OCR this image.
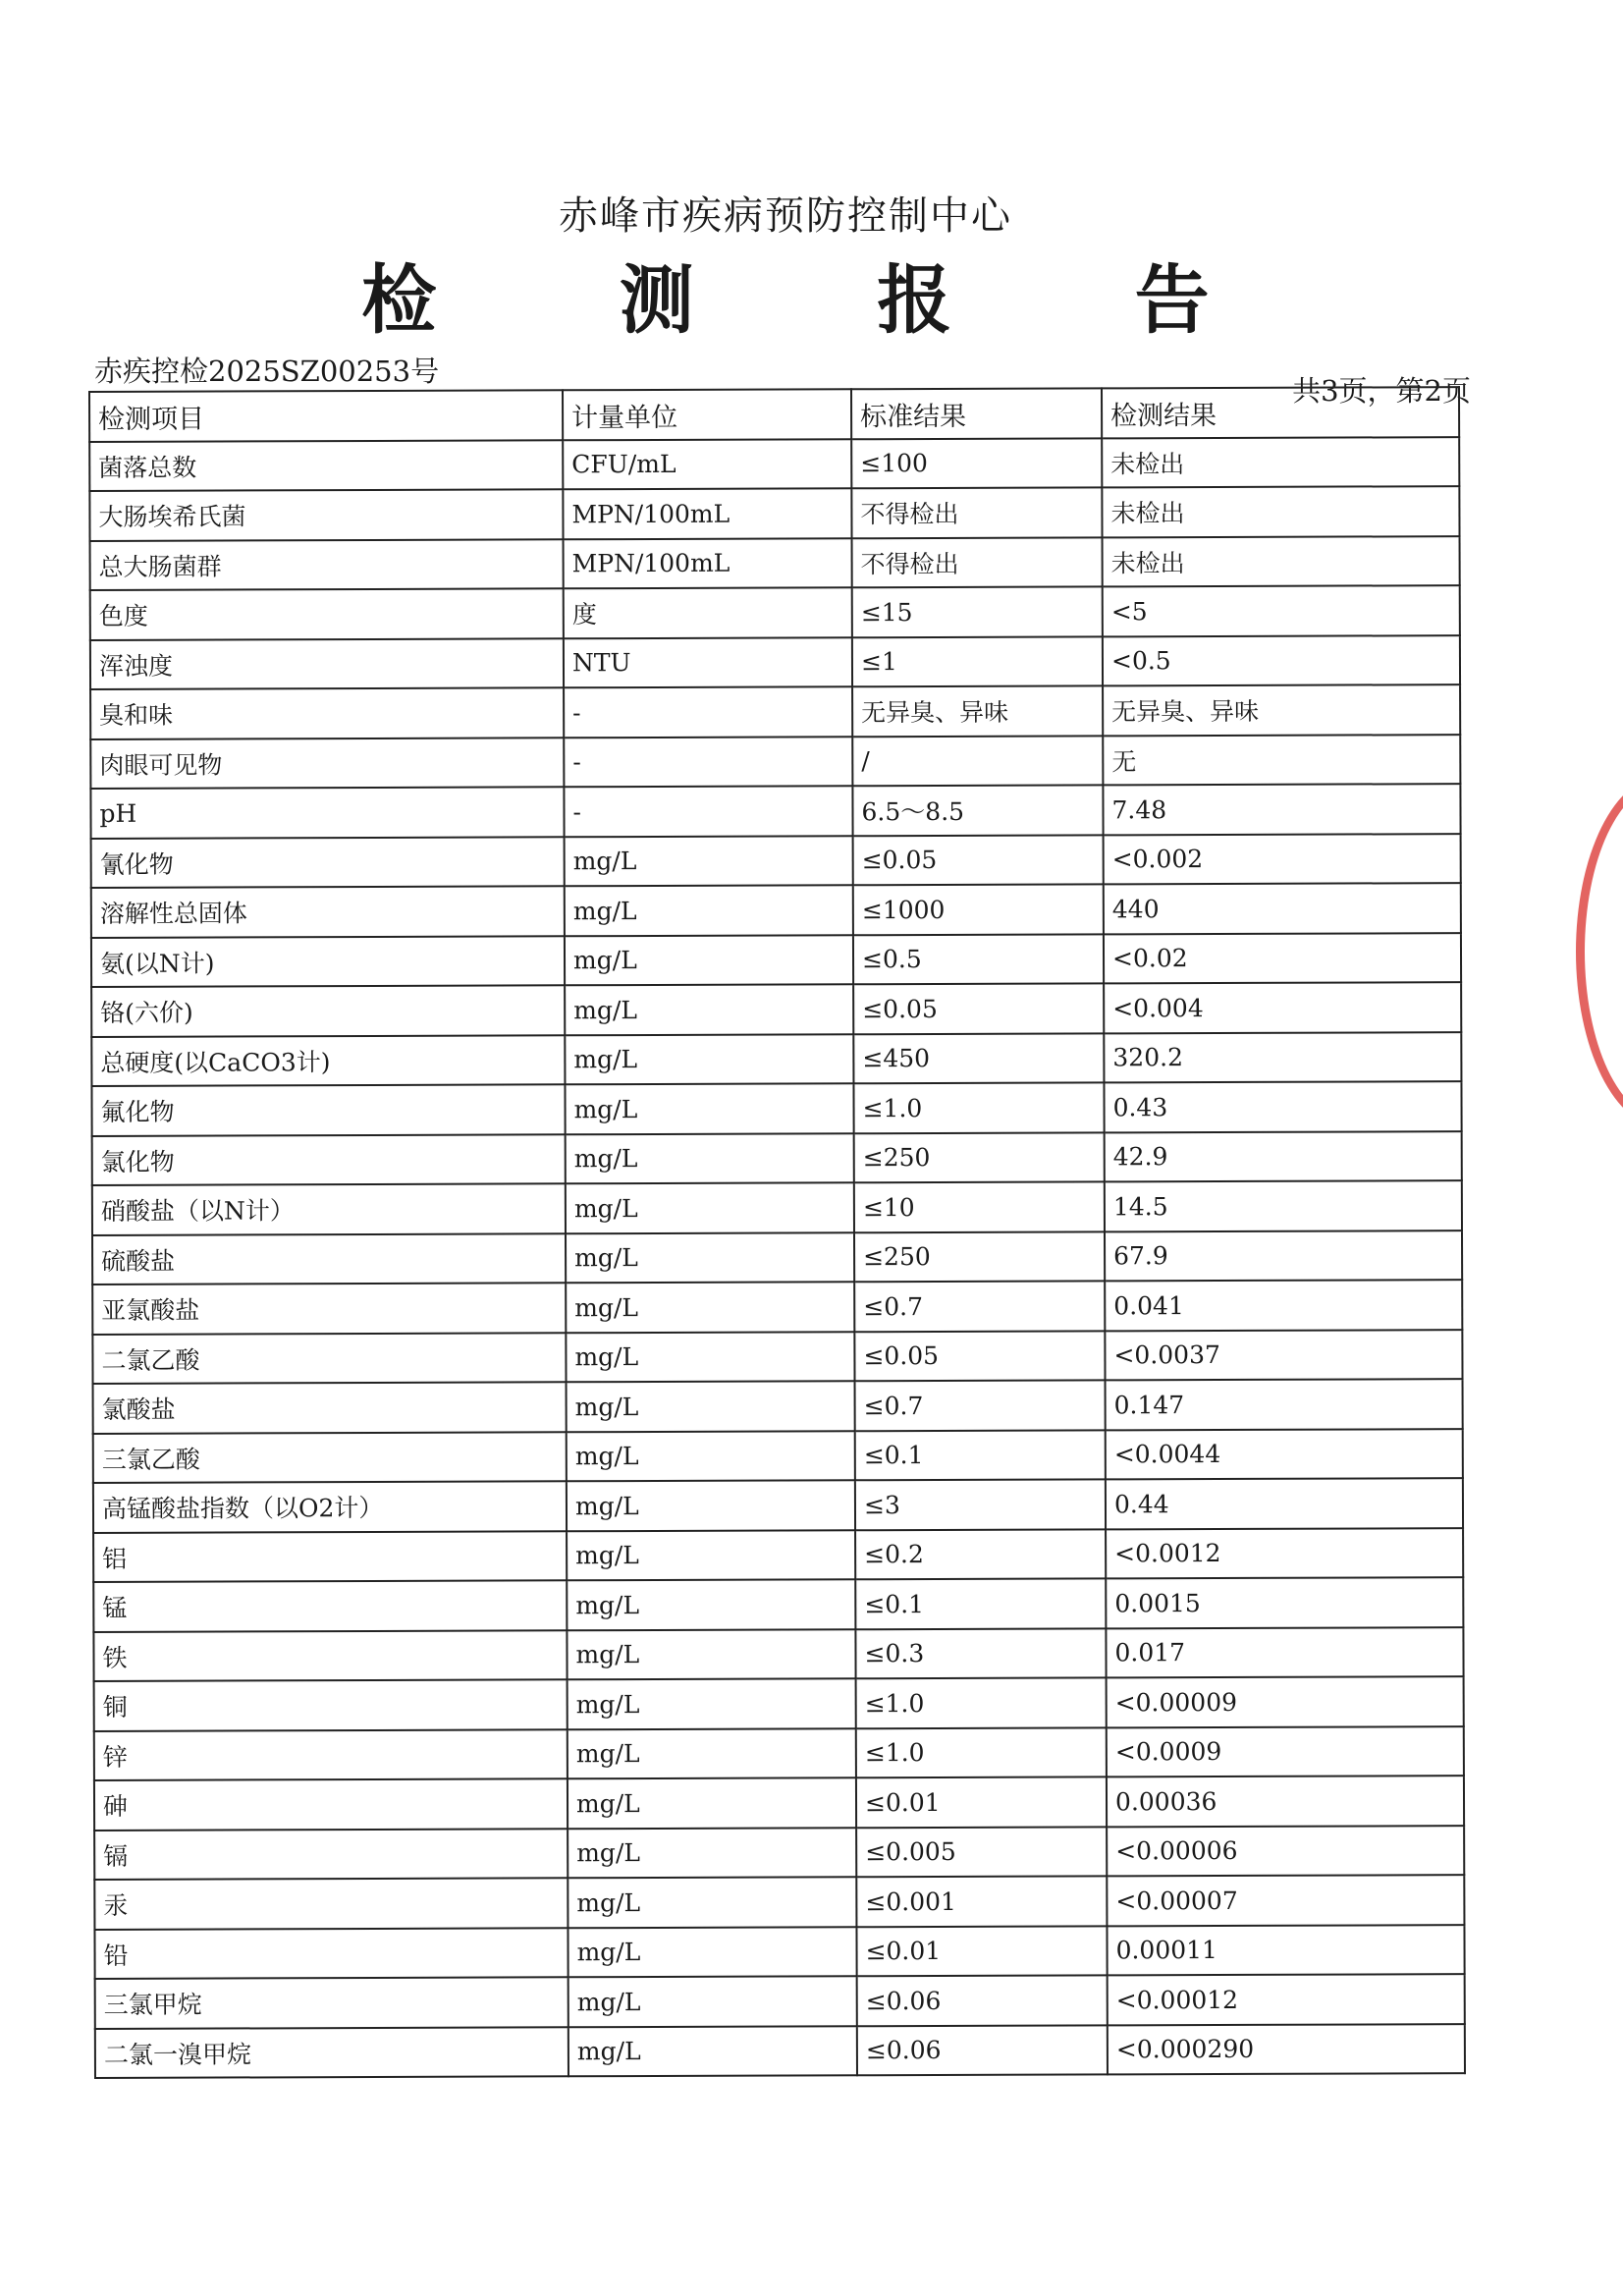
赤峰市疾病预防控制中心
检 测 报 告
赤疾控检2025SZ00253号
共3页，第2页
检测项目	计量单位	标准结果	检测结果
菌落总数	CFU/mL	≤100	未检出
大肠埃希氏菌	MPN/100mL	不得检出	未检出
总大肠菌群	MPN/100mL	不得检出	未检出
色度	度	≤15	<5
浑浊度	NTU	≤1	<0.5
臭和味	-	无异臭、异味	无异臭、异味
肉眼可见物	-	/	无
pH	-	6.5～8.5	7.48
氰化物	mg/L	≤0.05	<0.002
溶解性总固体	mg/L	≤1000	440
氨(以N计)	mg/L	≤0.5	<0.02
铬(六价)	mg/L	≤0.05	<0.004
总硬度(以CaCO3计)	mg/L	≤450	320.2
氟化物	mg/L	≤1.0	0.43
氯化物	mg/L	≤250	42.9
硝酸盐（以N计）	mg/L	≤10	14.5
硫酸盐	mg/L	≤250	67.9
亚氯酸盐	mg/L	≤0.7	0.041
二氯乙酸	mg/L	≤0.05	<0.0037
氯酸盐	mg/L	≤0.7	0.147
三氯乙酸	mg/L	≤0.1	<0.0044
高锰酸盐指数（以O2计）	mg/L	≤3	0.44
铝	mg/L	≤0.2	<0.0012
锰	mg/L	≤0.1	0.0015
铁	mg/L	≤0.3	0.017
铜	mg/L	≤1.0	<0.00009
锌	mg/L	≤1.0	<0.0009
砷	mg/L	≤0.01	0.00036
镉	mg/L	≤0.005	<0.00006
汞	mg/L	≤0.001	<0.00007
铅	mg/L	≤0.01	0.00011
三氯甲烷	mg/L	≤0.06	<0.00012
二氯一溴甲烷	mg/L	≤0.06	<0.000290
